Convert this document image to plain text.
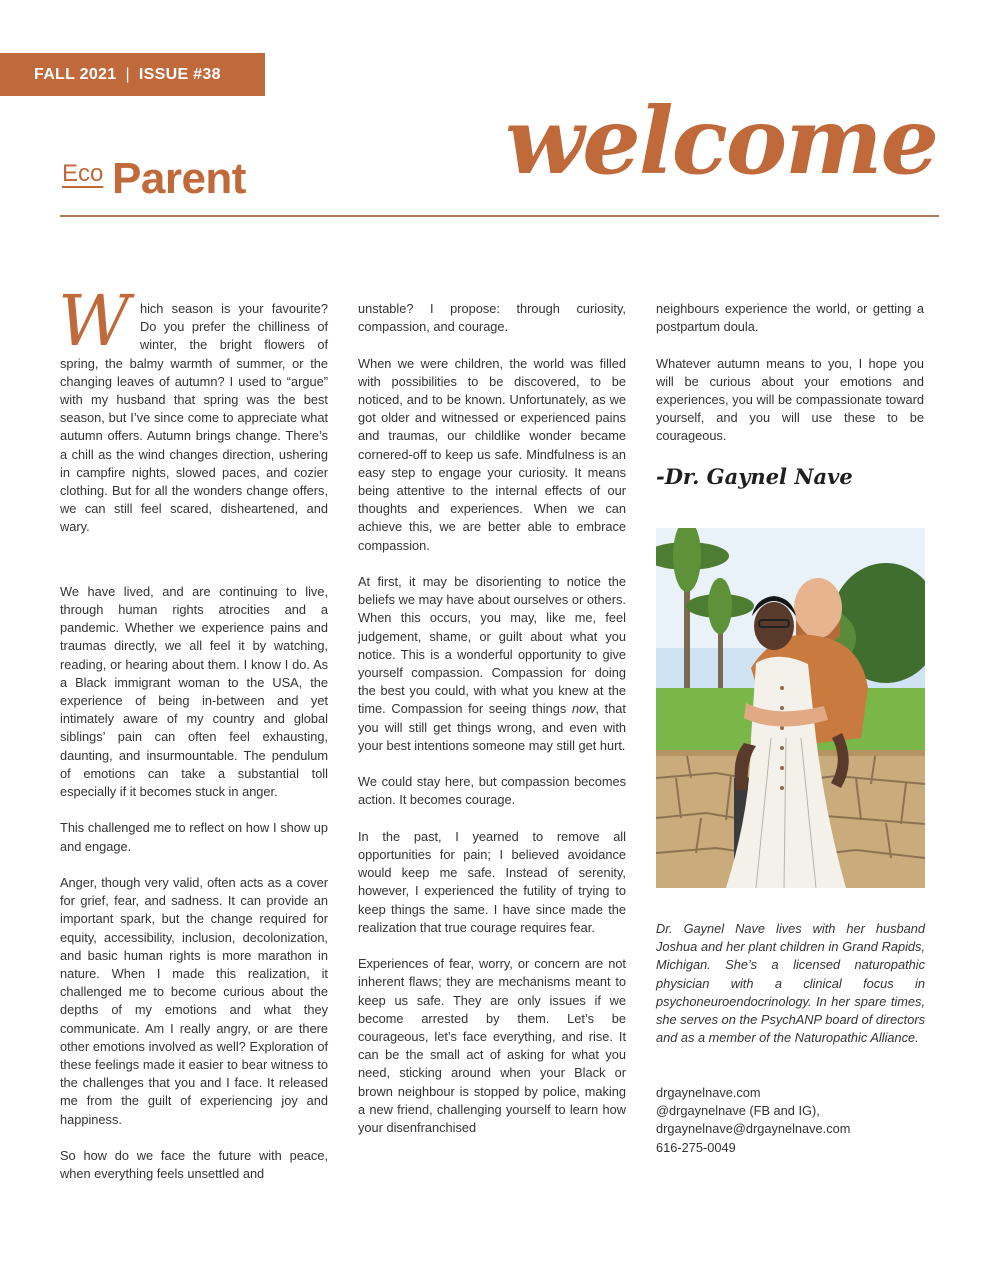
FALL 2021 | ISSUE #38
Eco Parent	welcome

Which season is your favourite? Do you prefer the chilliness of winter, the bright flowers of spring, the balmy warmth of summer, or the changing leaves of autumn? I used to “argue” with my husband that spring was the best season, but I’ve since come to appreciate what autumn offers. Autumn brings change. There’s a chill as the wind changes direction, ushering in campfire nights, slowed paces, and cozier clothing. But for all the wonders change offers, we can still feel scared, disheartened, and wary.

We have lived, and are continuing to live, through human rights atrocities and a pandemic. Whether we experience pains and traumas directly, we all feel it by watching, reading, or hearing about them. I know I do. As a Black immigrant woman to the USA, the experience of being in-between and yet intimately aware of my country and global siblings’ pain can often feel exhausting, daunting, and insurmountable. The pendulum of emotions can take a substantial toll especially if it becomes stuck in anger.

This challenged me to reflect on how I show up and engage.

Anger, though very valid, often acts as a cover for grief, fear, and sadness. It can provide an important spark, but the change required for equity, accessibility, inclusion, decolonization, and basic human rights is more marathon in nature. When I made this realization, it challenged me to become curious about the depths of my emotions and what they communicate. Am I really angry, or are there other emotions involved as well? Exploration of these feelings made it easier to bear witness to the challenges that you and I face. It released me from the guilt of experiencing joy and happiness.

So how do we face the future with peace, when everything feels unsettled and

unstable? I propose: through curiosity, compassion, and courage.

When we were children, the world was filled with possibilities to be discovered, to be noticed, and to be known. Unfortunately, as we got older and witnessed or experienced pains and traumas, our childlike wonder became cornered-off to keep us safe. Mindfulness is an easy step to engage your curiosity. It means being attentive to the internal effects of our thoughts and experiences. When we can achieve this, we are better able to embrace compassion.

At first, it may be disorienting to notice the beliefs we may have about ourselves or others. When this occurs, you may, like me, feel judgement, shame, or guilt about what you notice. This is a wonderful opportunity to give yourself compassion. Compassion for doing the best you could, with what you knew at the time. Compassion for seeing things now, that you will still get things wrong, and even with your best intentions someone may still get hurt.

We could stay here, but compassion becomes action. It becomes courage.

In the past, I yearned to remove all opportunities for pain; I believed avoidance would keep me safe. Instead of serenity, however, I experienced the futility of trying to keep things the same. I have since made the realization that true courage requires fear.

Experiences of fear, worry, or concern are not inherent flaws; they are mechanisms meant to keep us safe. They are only issues if we become arrested by them. Let’s be courageous, let’s face everything, and rise. It can be the small act of asking for what you need, sticking around when your Black or brown neighbour is stopped by police, making a new friend, challenging yourself to learn how your disenfranchised

neighbours experience the world, or getting a postpartum doula.

Whatever autumn means to you, I hope you will be curious about your emotions and experiences, you will be compassionate toward yourself, and you will use these to be courageous.

-Dr. Gaynel Nave
Dr. Gaynel Nave lives with her husband Joshua and her plant children in Grand Rapids, Michigan. She’s a licensed naturopathic physician with a clinical focus in psychoneuroendocrinology. In her spare times, she serves on the PsychANP board of directors and as a member of the Naturopathic Alliance.
drgaynelnave.com
@drgaynelnave (FB and IG),
drgaynelnave@drgaynelnave.com
616-275-0049
